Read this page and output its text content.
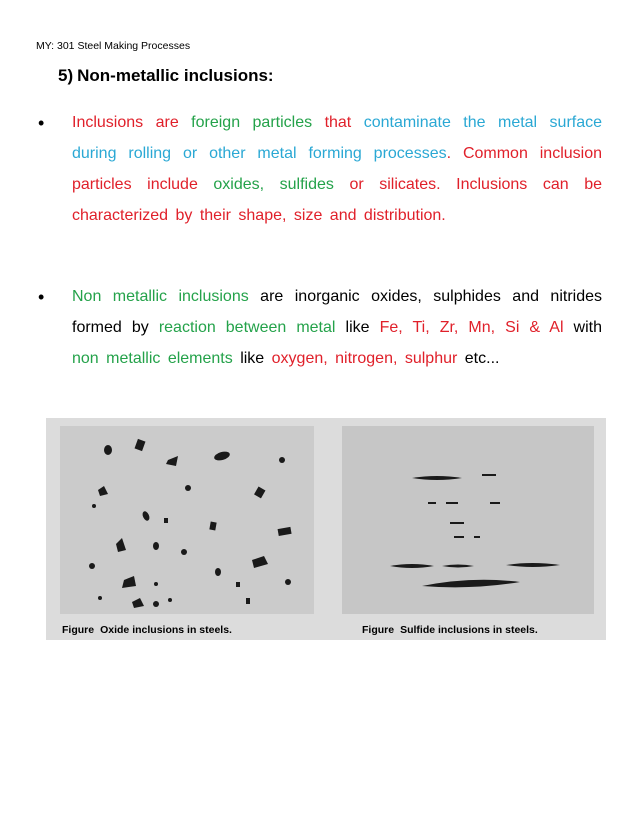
MY: 301 Steel Making Processes
5) Non-metallic inclusions:
• Inclusions are foreign particles that contaminate the metal surface during rolling or other metal forming processes. Common inclusion particles include oxides, sulfides or silicates. Inclusions can be characterized by their shape, size and distribution.
• Non metallic inclusions are inorganic oxides, sulphides and nitrides formed by reaction between metal like Fe, Ti, Zr, Mn, Si & Al with non metallic elements like oxygen, nitrogen, sulphur etc...
Figure Oxide inclusions in steels.	Figure Sulfide inclusions in steels.
